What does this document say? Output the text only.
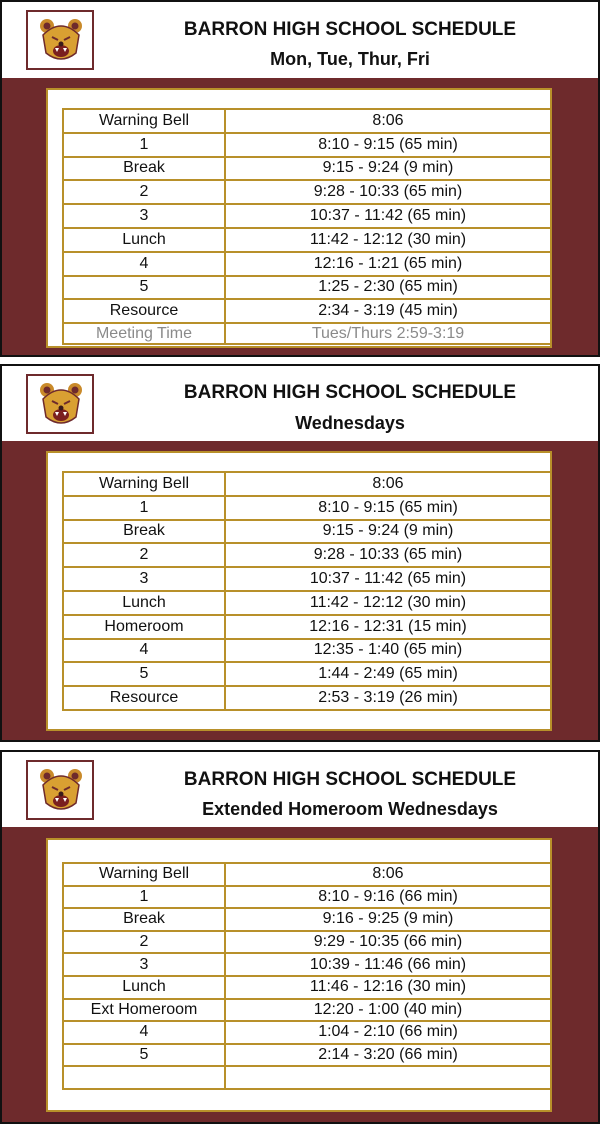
BARRON HIGH SCHOOL SCHEDULE
Mon, Tue, Thur, Fri
Warning Bell	8:06
1	8:10 - 9:15 (65 min)
Break	9:15 - 9:24 (9 min)
2	9:28 - 10:33 (65 min)
3	10:37 - 11:42 (65 min)
Lunch	11:42 - 12:12 (30 min)
4	12:16 - 1:21 (65 min)
5	1:25 - 2:30 (65 min)
Resource	2:34 - 3:19 (45 min)
Meeting Time	Tues/Thurs 2:59-3:19
BARRON HIGH SCHOOL SCHEDULE
Wednesdays
Warning Bell	8:06
1	8:10 - 9:15 (65 min)
Break	9:15 - 9:24 (9 min)
2	9:28 - 10:33 (65 min)
3	10:37 - 11:42 (65 min)
Lunch	11:42 - 12:12 (30 min)
Homeroom	12:16 - 12:31 (15 min)
4	12:35 - 1:40 (65 min)
5	1:44 - 2:49 (65 min)
Resource	2:53 - 3:19 (26 min)
BARRON HIGH SCHOOL SCHEDULE
Extended Homeroom Wednesdays
Warning Bell	8:06
1	8:10 - 9:16 (66 min)
Break	9:16 - 9:25 (9 min)
2	9:29 - 10:35 (66 min)
3	10:39 - 11:46 (66 min)
Lunch	11:46 - 12:16 (30 min)
Ext Homeroom	12:20 - 1:00 (40 min)
4	1:04 - 2:10 (66 min)
5	2:14 - 3:20 (66 min)
